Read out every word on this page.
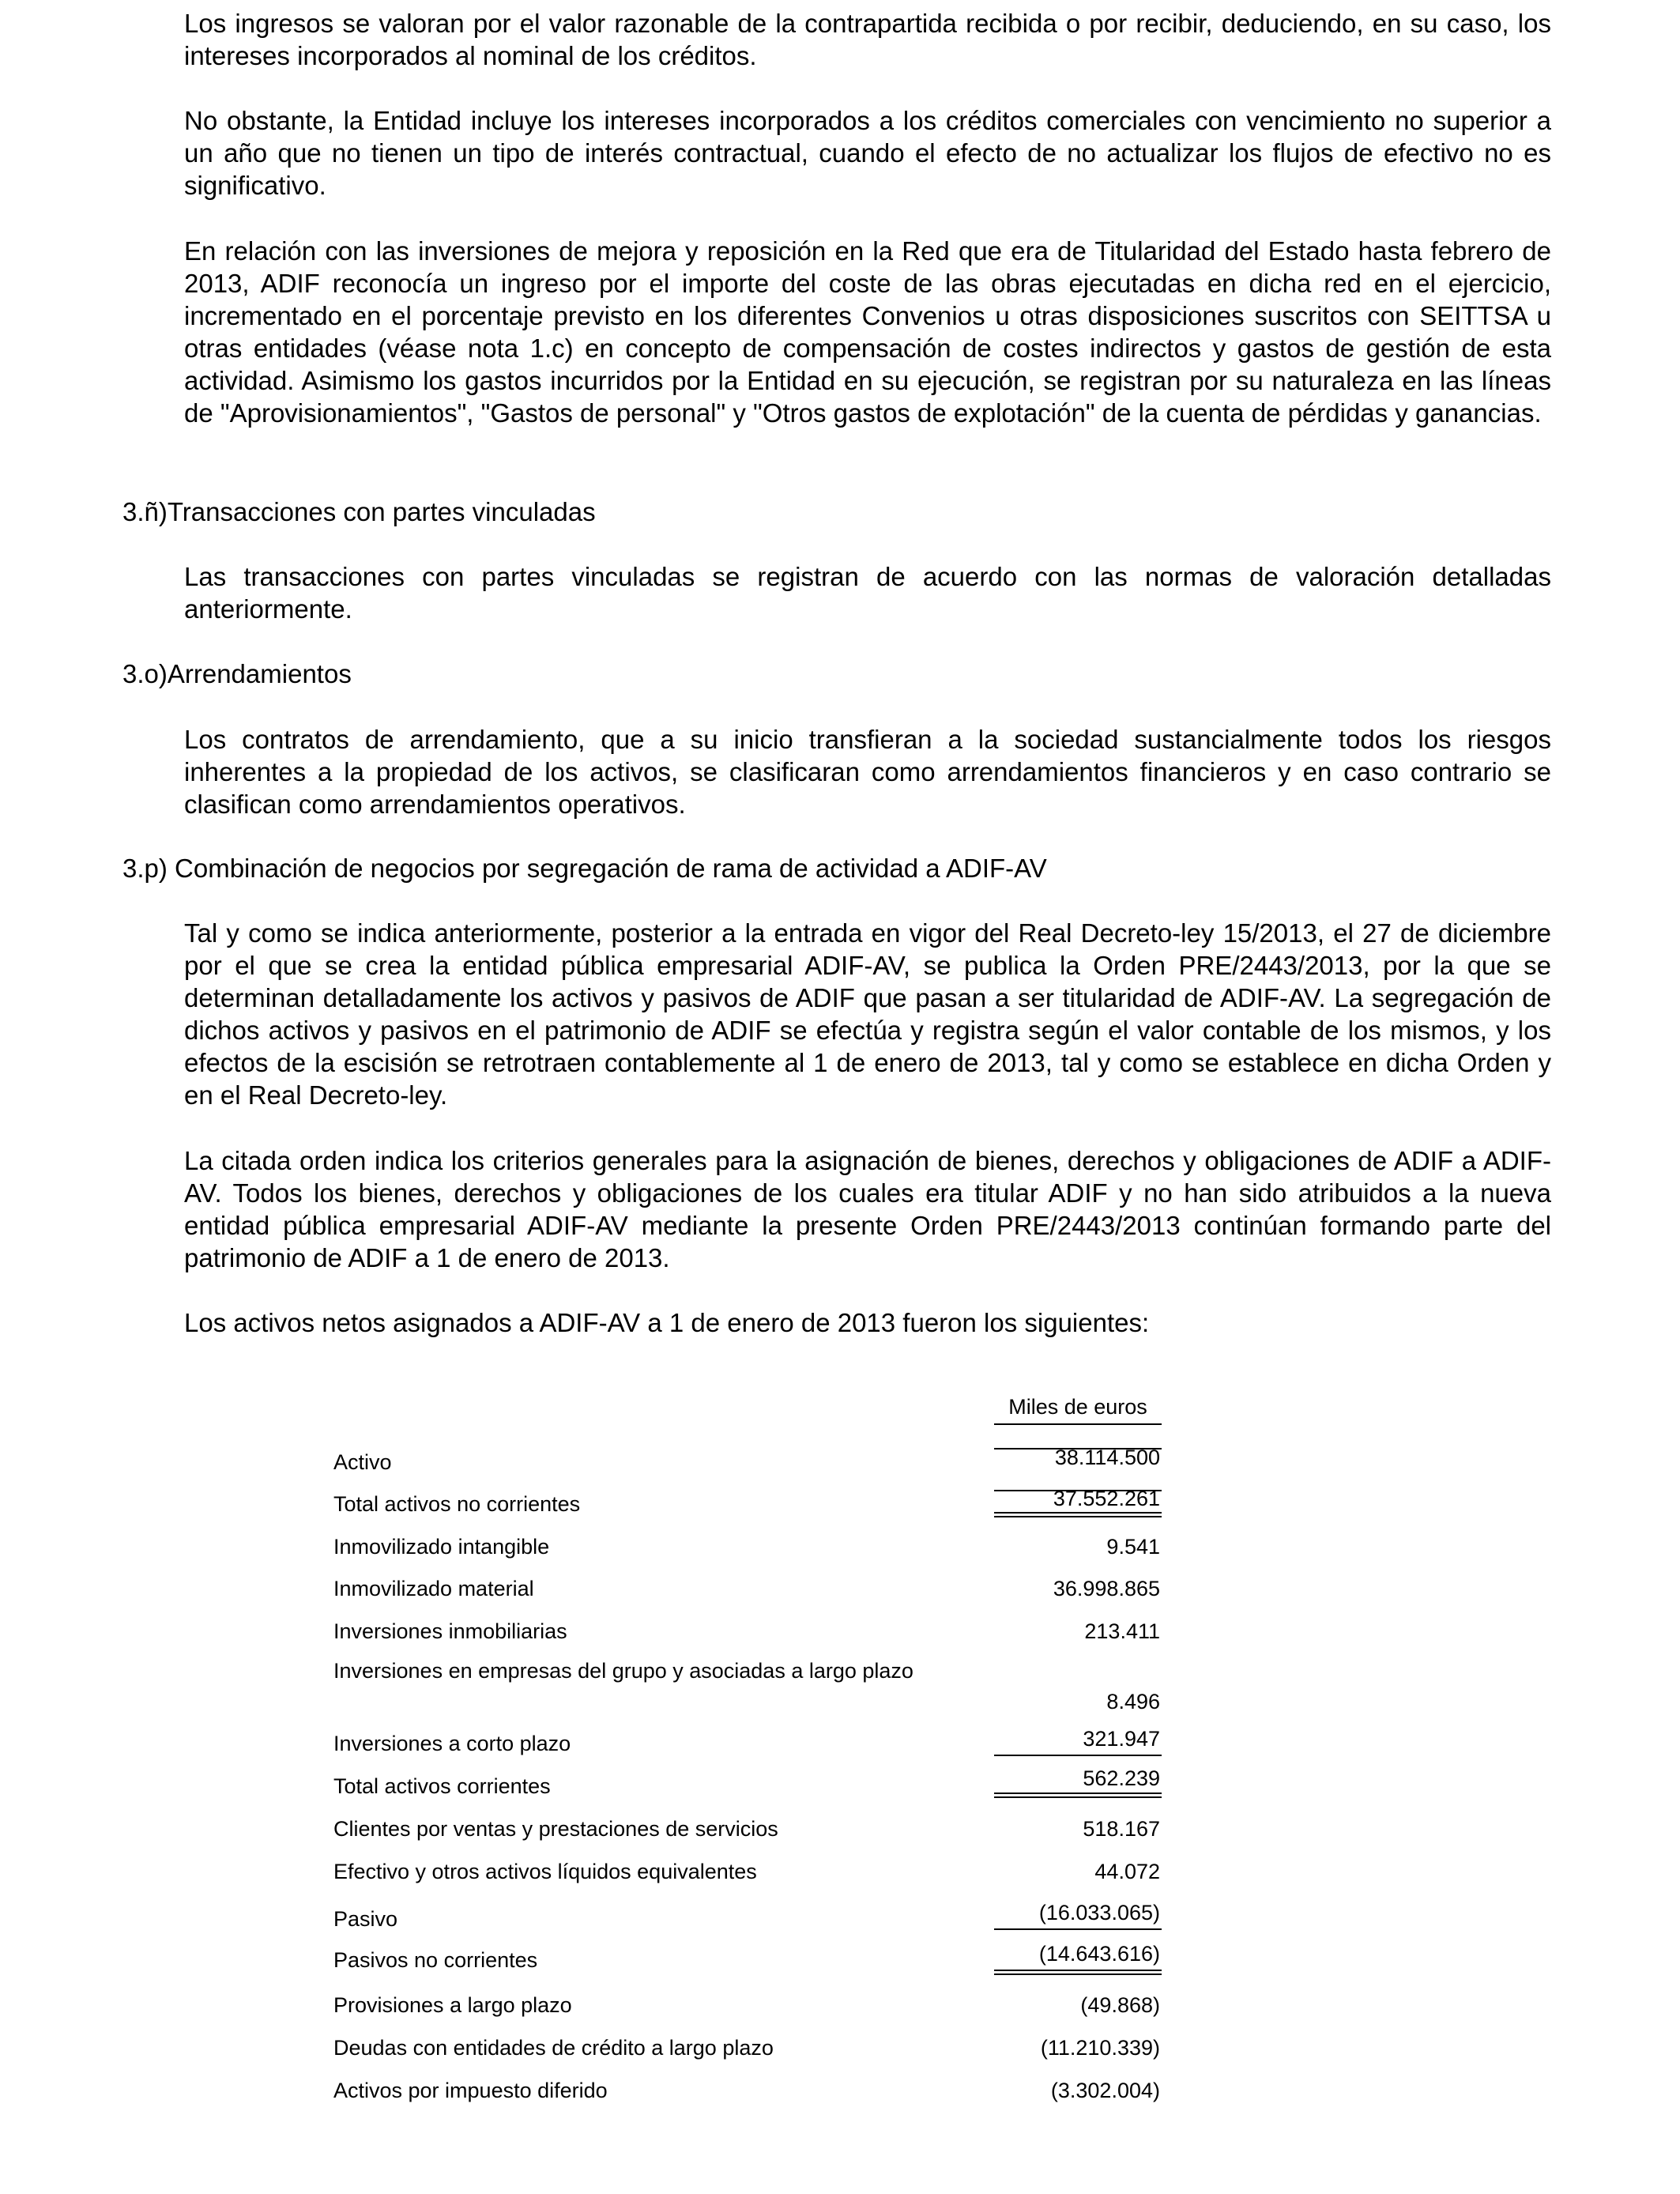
Los ingresos se valoran por el valor razonable de la contrapartida recibida o por recibir, deduciendo, en su caso, los intereses incorporados al nominal de los créditos.

No obstante, la Entidad incluye los intereses incorporados a los créditos comerciales con vencimiento no superior a un año que no tienen un tipo de interés contractual, cuando el efecto de no actualizar los flujos de efectivo no es significativo.

En relación con las inversiones de mejora y reposición en la Red que era de Titularidad del Estado hasta febrero de 2013, ADIF reconocía un ingreso por el importe del coste de las obras ejecutadas en dicha red en el ejercicio, incrementado en el porcentaje previsto en los diferentes Convenios u otras disposiciones suscritos con SEITTSA u otras entidades (véase nota 1.c) en concepto de compensación de costes indirectos y gastos de gestión de esta actividad. Asimismo los gastos incurridos por la Entidad en su ejecución, se registran por su naturaleza en las líneas de "Aprovisionamientos", "Gastos de personal" y "Otros gastos de explotación" de la cuenta de pérdidas y ganancias.

3.ñ)Transacciones con partes vinculadas

Las transacciones con partes vinculadas se registran de acuerdo con las normas de valoración detalladas anteriormente.

3.o)Arrendamientos

Los contratos de arrendamiento, que a su inicio transfieran a la sociedad sustancialmente todos los riesgos inherentes a la propiedad de los activos, se clasificaran como arrendamientos financieros y en caso contrario se clasifican como arrendamientos operativos.

3.p) Combinación de negocios por segregación de rama de actividad a ADIF-AV

Tal y como se indica anteriormente, posterior a la entrada en vigor del Real Decreto-ley 15/2013, el 27 de diciembre por el que se crea la entidad pública empresarial ADIF-AV, se publica la Orden PRE/2443/2013, por la que se determinan detalladamente los activos y pasivos de ADIF que pasan a ser titularidad de ADIF-AV. La segregación de dichos activos y pasivos en el patrimonio de ADIF se efectúa y registra según el valor contable de los mismos, y los efectos de la escisión se retrotraen contablemente al 1 de enero de 2013, tal y como se establece en dicha Orden y en el Real Decreto-ley.

La citada orden indica los criterios generales para la asignación de bienes, derechos y obligaciones de ADIF a ADIF-AV. Todos los bienes, derechos y obligaciones de los cuales era titular ADIF y no han sido atribuidos a la nueva entidad pública empresarial ADIF-AV mediante la presente Orden PRE/2443/2013 continúan formando parte del patrimonio de ADIF a 1 de enero de 2013.

Los activos netos asignados a ADIF-AV a 1 de enero de 2013 fueron los siguientes:

Miles de euros
Activo	38.114.500
Total activos no corrientes	37.552.261
Inmovilizado intangible	9.541
Inmovilizado material	36.998.865
Inversiones inmobiliarias	213.411
Inversiones en empresas del grupo y asociadas a largo plazo
8.496
Inversiones a corto plazo	321.947
Total activos corrientes	562.239
Clientes por ventas y prestaciones de servicios	518.167
Efectivo y otros activos líquidos equivalentes	44.072
Pasivo	(16.033.065)
Pasivos no corrientes	(14.643.616)
Provisiones a largo plazo	(49.868)
Deudas con entidades de crédito a largo plazo	(11.210.339)
Activos por impuesto diferido	(3.302.004)
